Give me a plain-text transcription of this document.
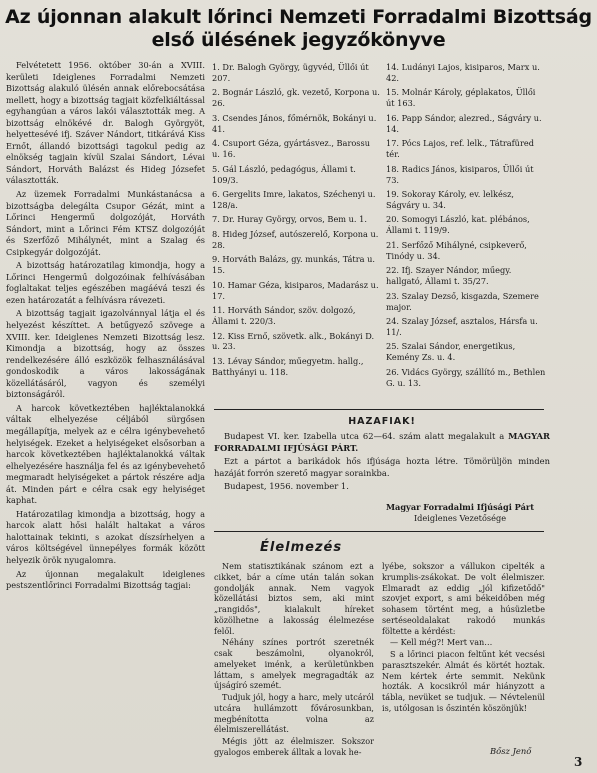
Az újonnan alakult lőrinci Nemzeti Forradalmi Bizottság
első ülésének jegyzőkönyve

Felvétetett 1956. október 30-án a XVIII. kerületi Ideiglenes Forradalmi Nemzeti Bizottság alakuló ülésén annak előrebocsátása mellett, hogy a bizottság tagjait közfelkiáltással egyhangúan a város lakói választották meg. A bizottság elnökévé dr. Balogh Györgyöt, helyettesévé ifj. Száver Nándort, titkárává Kiss Ernőt, állandó bizottsági tagokul pedig az elnökség tagjain kívül Szalai Sándort, Lévai Sándort, Horváth Balázst és Hideg Józsefet választották.

Az üzemek Forradalmi Munkástanácsa a bizottságba delegálta Csupor Gézát, mint a Lőrinci Hengermű dolgozóját, Horváth Sándort, mint a Lőrinci Fém KTSZ dolgozóját és Szerfőző Mihálynét, mint a Szalag és Csipkegyár dolgozóját.

A bizottság határozatilag kimondja, hogy a Lőrinci Hengermű dolgozóinak felhívásában foglaltakat teljes egészében magáévá teszi és ezen határozatát a felhívásra rávezeti.

A bizottság tagjait igazolvánnyal látja el és helyezést készíttet. A betűgyező szövege a XVIII. ker. Ideiglenes Nemzeti Bizottság lesz. Kimondja a bizottság, hogy az összes rendelkezésére álló eszközök felhasználásával gondoskodik a város lakosságának közellátásáról, vagyon és személyi biztonságáról.

A harcok következtében hajléktalanokká váltak elhelyezése céljából sürgősen megállapítja, melyek az e célra igénybevehető helyiségek. Ezeket a helyiségeket elsősorban a harcok következtében hajléktalanokká váltak elhelyezésére használja fel és az igénybevehető megmaradt helyiségeket a pártok részére adja át. Minden párt e célra csak egy helyiséget kaphat.

Határozatilag kimondja a bizottság, hogy a harcok alatt hősi halált haltakat a város halottainak tekinti, s azokat díszsírhelyen a város költségével ünnepélyes formák között helyezik örök nyugalomra.

Az újonnan megalakult ideiglenes pestszentlőrinci Forradalmi Bizottság tagjai:

1. Dr. Balogh György, ügyvéd, Üllői út 207.
2. Bognár László, gk. vezető, Korpona u. 26.
3. Csendes János, főmérnök, Bokányi u. 41.
4. Csuport Géza, gyártásvez., Barossu u. 16.
5. Gál László, pedagógus, Állami t. 109/3.
6. Gergelits Imre, lakatos, Széchenyi u. 128/a.
7. Dr. Huray György, orvos, Bem u. 1.
8. Hideg József, autószerelő, Korpona u. 28.
9. Horváth Balázs, gy. munkás, Tátra u. 15.
10. Hamar Géza, kisiparos, Madarász u. 17.
11. Horváth Sándor, szöv. dolgozó, Állami t. 220/3.
12. Kiss Ernő, szövetk. alk., Bokányi D. u. 23.
13. Lévay Sándor, műegyetm. hallg., Batthyányi u. 118.
14. Ludányi Lajos, kisiparos, Marx u. 42.
15. Molnár Károly, géplakatos, Üllői út 163.
16. Papp Sándor, alezred., Ságváry u. 14.
17. Pócs Lajos, ref. lelk., Tátrafüred tér.
18. Radics János, kisiparos, Üllői út 73.
19. Sokoray Károly, ev. lelkész, Ságváry u. 34.
20. Somogyi László, kat. plébános, Állami t. 119/9.
21. Serfőző Mihályné, csipkeverő, Tinódy u. 34.
22. Ifj. Szayer Nándor, műegy. hallgató, Állami t. 35/27.
23. Szalay Dezső, kisgazda, Szemere major.
24. Szalay József, asztalos, Hársfa u. 11/.
25. Szalai Sándor, energetikus, Kemény Zs. u. 4.
26. Vidács György, szállító m., Bethlen G. u. 13.
HAZAFIAK!

Budapest VI. ker. Izabella utca 62—64. szám alatt megalakult a MAGYAR FORRADALMI IFJÚSÁGI PÁRT.

Ezt a pártot a barikádok hős ifjúsága hozta létre. Tömörüljön minden hazáját forrón szerető magyar sorainkba.

Budapest, 1956. november 1.

Magyar Forradalmi Ifjúsági Párt
Ideiglenes Vezetősége
Élelmezés

Nem statisztikának szánom ezt a cikket, bár a címe után talán sokan gondolják annak. Nem vagyok közellátási biztos sem, aki mint „rangidős", kialakult híreket közölhetne a lakosság élelmezése felől.

Néhány színes portrót szeretnék csak beszámolni, olyanokról, amelyeket iménk, a kerületünkben láttam, s amelyek megragadták az újságíró szemét.

Tudjuk jól, hogy a harc, mely utcáról utcára hullámzott fővárosunkban, megbénította volna az élelmiszerellátást.

Mégis jött az élelmiszer. Sokszor gyalogos emberek álltak a lovak he-

lyébe, sokszor a vállukon cipelték a krumplis-zsákokat. De volt élelmiszer. Elmaradt az eddig „jól kifizetődő" szovjet export, s ami békeidőben még sohasem történt meg, a húsüzletbe sertéseoldalakat rakodó munkás föltette a kérdést:

— Kell még?! Mert van…

S a lőrinci piacon feltűnt két vecsési parasztszekér. Almát és körtét hoztak. Nem kértek érte semmit. Nekünk hozták. A kocsikról már hiányzott a tábla, nevüket se tudjuk. — Névtelenül is, utólgosan is őszintén köszönjük!

Bősz Jenő
3
